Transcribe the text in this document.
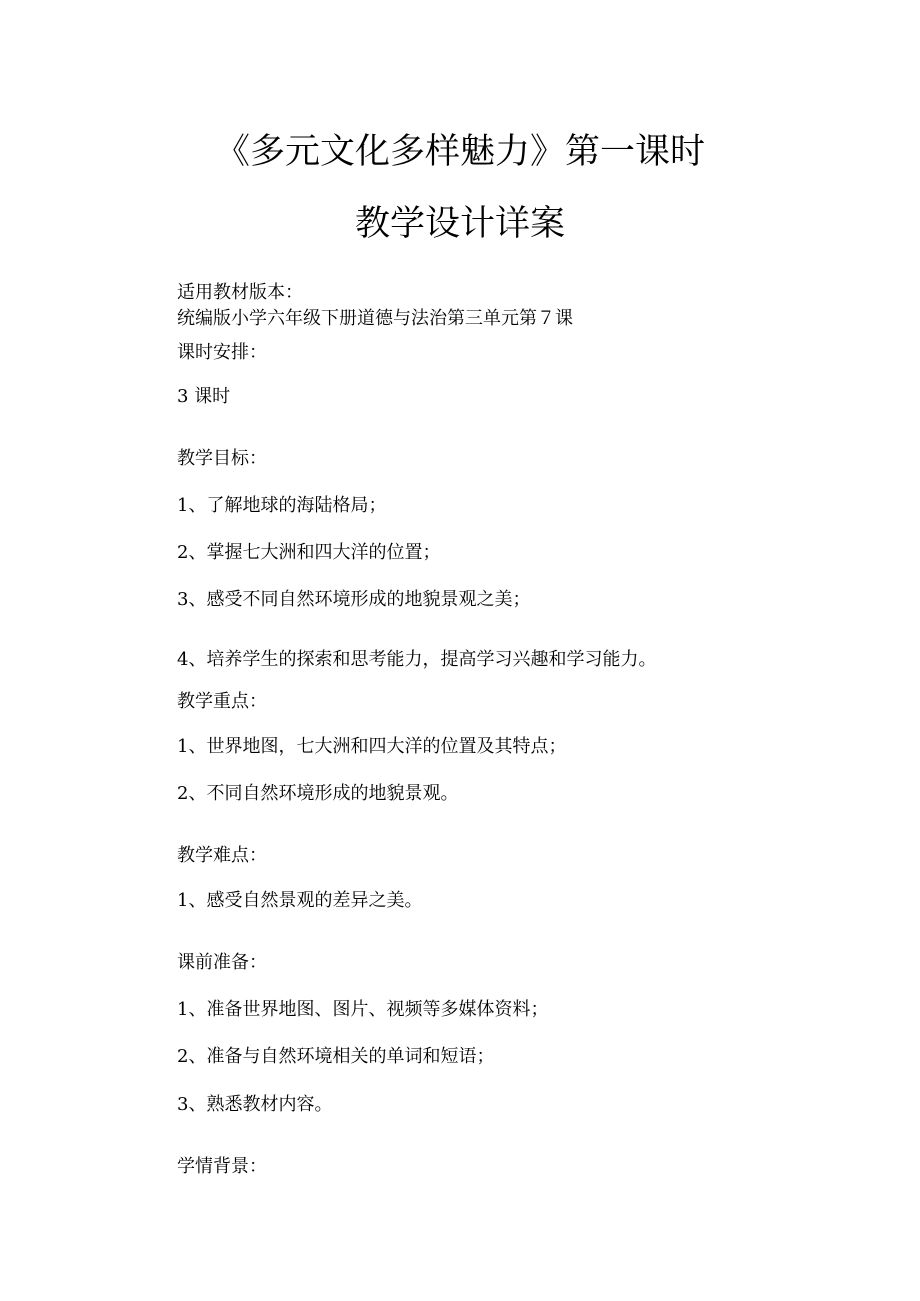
《多元文化多样魅力》第一课时
教学设计详案
适用教材版本：
统编版小学六年级下册道德与法治第三单元第７课
课时安排：
3 课时
教学目标：
1、了解地球的海陆格局；
2、掌握七大洲和四大洋的位置；
3、感受不同自然环境形成的地貌景观之美；
4、培养学生的探索和思考能力，提高学习兴趣和学习能力。
教学重点：
1、世界地图，七大洲和四大洋的位置及其特点；
2、不同自然环境形成的地貌景观。
教学难点：
1、感受自然景观的差异之美。
课前准备：
1、准备世界地图、图片、视频等多媒体资料；
2、准备与自然环境相关的单词和短语；
3、熟悉教材内容。
学情背景：
